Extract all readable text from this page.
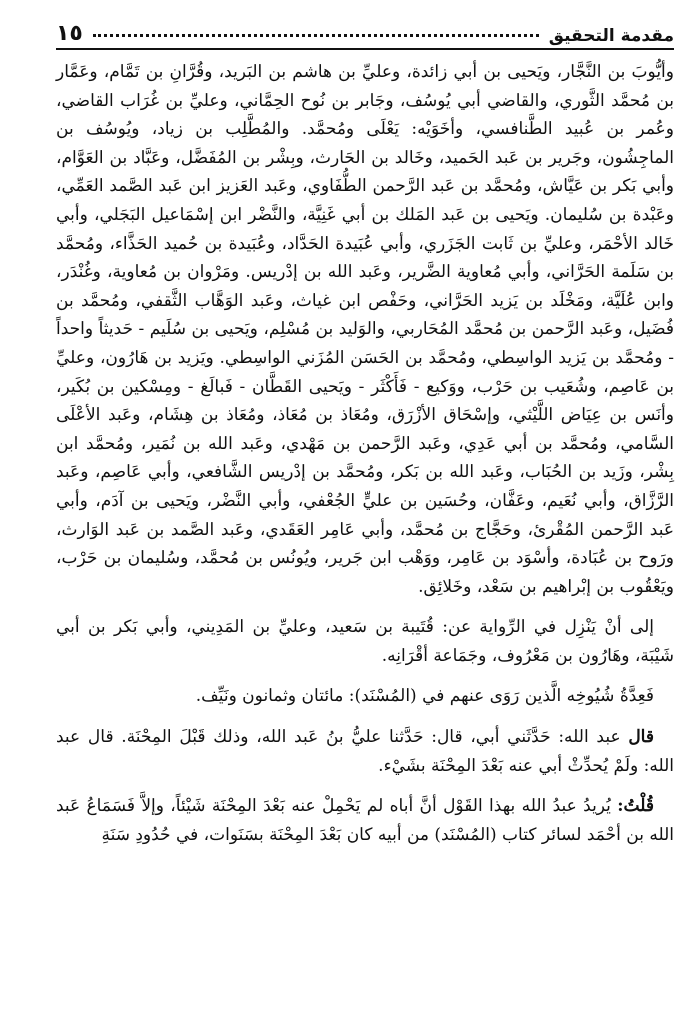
مقدمة التحقيق
١٥

وأيُّوبَ بن النَّجَّار، ويَحيى بن أبي زائدة، وعليِّ بن هاشم بن البَريد، وقُرَّانِ بن تَمَّام، وعَمَّار بن مُحمَّد الثَّوري، والقاضي أبي يُوسُف، وجَابر بن نُوح الحِمَّاني، وعليِّ بن غُرَاب القاضي، وعُمر بن عُبيد الطَّنافسي، وأخَوَيْه: يَعْلَى ومُحمَّد. والمُطَّلِب بن زياد، ويُوسُف بن الماجِشُون، وجَرير بن عَبد الحَميد، وخَالد بن الحَارث، وبِشْر بن المُفَضَّل، وعَبَّاد بن العَوَّام، وأبي بَكر بن عَيَّاش، ومُحمَّد بن عَبد الرَّحمن الطُّفَاوي، وعَبد العَزيز ابن عَبد الصَّمد العَمِّي، وعَبْدة بن سُليمان. ويَحيى بن عَبد المَلك بن أبي غَنِيَّة، والنَّضْر ابن إسْمَاعيل البَجَلي، وأبي خَالد الأحْمَر، وعليِّ بن ثَابت الجَزَري، وأبي عُبَيدة الحَدَّاد، وعُبَيدة بن حُميد الحَذَّاء، ومُحمَّد بن سَلَمة الحَرَّاني، وأبي مُعاوية الضَّرير، وعَبد الله بن إدْريس. ومَرْوان بن مُعاوية، وغُنْدَر، وابن عُلَيَّة، ومَخْلَد بن يَزيد الحَرَّاني، وحَفْص ابن غياث، وعَبد الوَهَّاب الثَّقفي، ومُحمَّد بن فُضَيل، وعَبد الرَّحمن بن مُحمَّد المُحَاربي، والوَليد بن مُسْلِم، ويَحيى بن سُلَيم - حَديثاً واحداً - ومُحمَّد بن يَزيد الواسِطي، ومُحمَّد بن الحَسَن المُزَني الواسِطي. ويَزيد بن هَارُون، وعليِّ بن عَاصِم، وشُعَيب بن حَرْب، ووَكيع - فَأَكْثَر - ويَحيى القَطَّان - فَبالَغ - ومِسْكين بن بُكَير، وأنَس بن عِيَاض اللَّيْثي، وإسْحَاق الأزْرَق، ومُعَاذ بن مُعَاذ، ومُعَاذ بن هِشَام، وعَبد الأعْلَى السَّامي، ومُحمَّد بن أبي عَدِي، وعَبد الرَّحمن بن مَهْدي، وعَبد الله بن نُمَير، ومُحمَّد ابن بِشْر، وزَيد بن الحُبَاب، وعَبد الله بن بَكر، ومُحمَّد بن إدْريس الشَّافعي، وأبي عَاصِم، وعَبد الرَّزَّاق، وأبي نُعَيم، وعَفَّان، وحُسَين بن عليٍّ الجُعْفي، وأبي النَّضْر، ويَحيى بن آدَم، وأبي عَبد الرَّحمن المُقْرئ، وحَجَّاج بن مُحمَّد، وأبي عَامِر العَقَدي، وعَبد الصَّمد بن عَبد الوَارث، ورَوح بن عُبَادة، وأسْوَد بن عَامِر، ووَهْب ابن جَرير، ويُونُس بن مُحمَّد، وسُليمان بن حَرْب، ويَعْقُوب بن إبْراهيم بن سَعْد، وخَلائِق.

إلى أنْ يَنْزِل في الرِّواية عن: قُتَيبة بن سَعيد، وعليِّ بن المَدِيني، وأبي بَكر بن أبي شَيْبَة، وهَارُون بن مَعْرُوف، وجَمَاعة أقْرَانِه.

فَعِدَّةُ شُيُوخِه الَّذين رَوَى عنهم في (المُسْنَد): مائتان وثمانون ونَيِّف.

قال عبد الله: حَدَّثَني أبي، قال: حَدَّثنا عليُّ بنُ عَبد الله، وذلك قَبْلَ المِحْنَة. قال عبد الله: ولَمْ يُحدِّثْ أبي عنه بَعْدَ المِحْنَة بشَيْء.

قُلْتُ: يُريدُ عبدُ الله بهذا القَوْل أنَّ أباه لم يَحْمِلْ عنه بَعْدَ المِحْنَة شَيْئاً، وإلاَّ فَسَمَاعُ عَبد الله بن أحْمَد لسائر كتاب (المُسْنَد) من أبيه كان بَعْدَ المِحْنَة بسَنَوات، في حُدُودِ سَنَةِ
